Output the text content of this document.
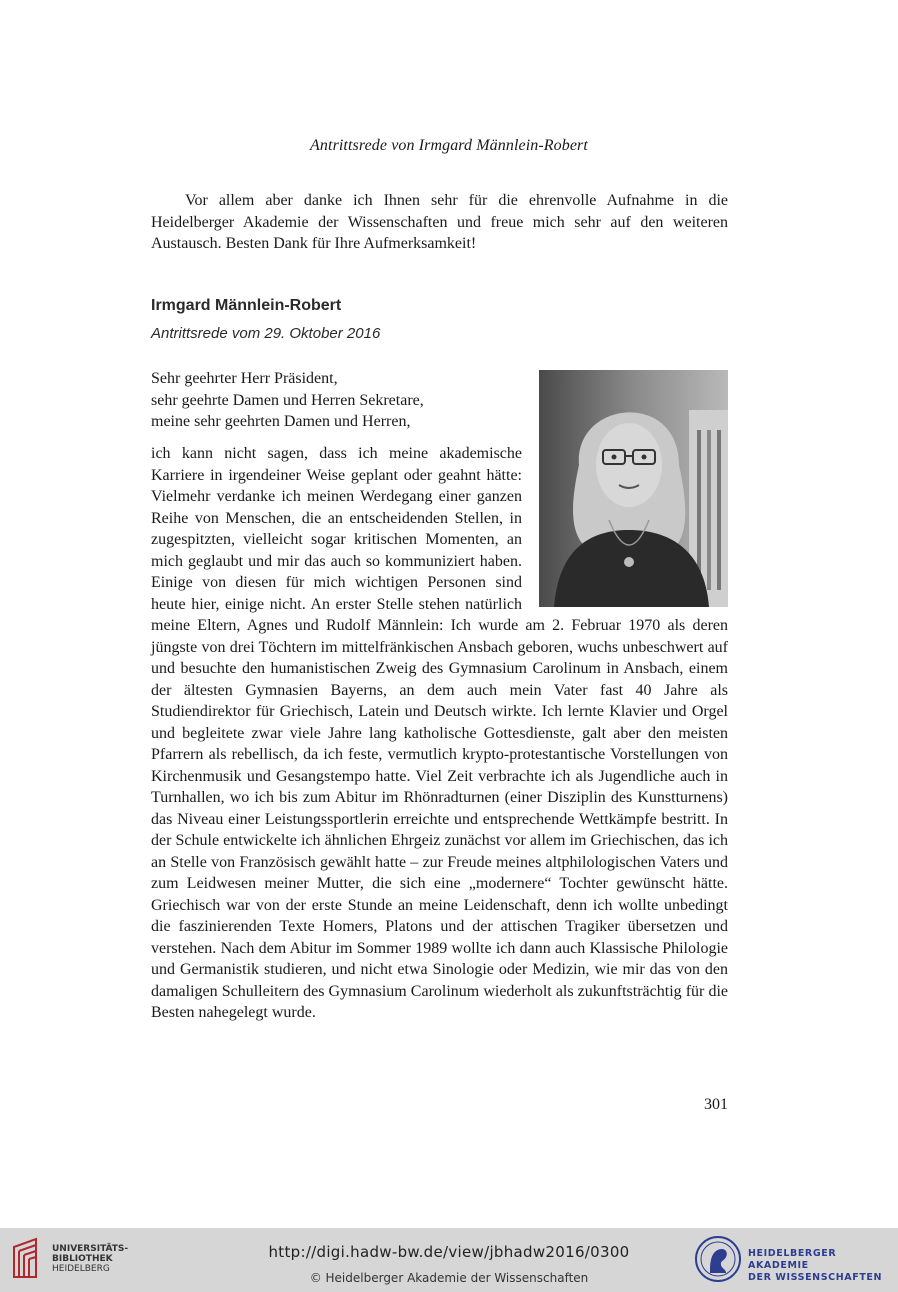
Antrittsrede von Irmgard Männlein-Robert

Vor allem aber danke ich Ihnen sehr für die ehrenvolle Aufnahme in die Heidelberger Akademie der Wissenschaften und freue mich sehr auf den weiteren Austausch. Besten Dank für Ihre Aufmerksamkeit!

Irmgard Männlein-Robert
Antrittsrede vom 29. Oktober 2016
Sehr geehrter Herr Präsident,
sehr geehrte Damen und Herren Sekretare,
meine sehr geehrten Damen und Herren,
ich kann nicht sagen, dass ich meine akademische Karriere in irgendeiner Weise geplant oder geahnt hätte: Vielmehr verdanke ich meinen Werdegang einer ganzen Reihe von Menschen, die an entscheidenden Stellen, in zugespitzten, vielleicht sogar kritischen Momenten, an mich geglaubt und mir das auch so kommuniziert haben. Einige von diesen für mich wichtigen Personen sind heute hier, einige nicht. An erster Stelle stehen natürlich meine Eltern, Agnes und Rudolf Männlein: Ich wurde am 2. Februar 1970 als deren jüngste von drei Töchtern im mittelfränkischen Ansbach geboren, wuchs unbeschwert auf und besuchte den humanistischen Zweig des Gymnasium Carolinum in Ansbach, einem der ältesten Gymnasien Bayerns, an dem auch mein Vater fast 40 Jahre als Studiendirektor für Griechisch, Latein und Deutsch wirkte. Ich lernte Klavier und Orgel und begleitete zwar viele Jahre lang katholische Gottesdienste, galt aber den meisten Pfarrern als rebellisch, da ich feste, vermutlich krypto-protestantische Vorstellungen von Kirchenmusik und Gesangstempo hatte. Viel Zeit verbrachte ich als Jugendliche auch in Turnhallen, wo ich bis zum Abitur im Rhönradturnen (einer Disziplin des Kunstturnens) das Niveau einer Leistungssportlerin erreichte und entsprechende Wettkämpfe bestritt. In der Schule entwickelte ich ähnlichen Ehrgeiz zunächst vor allem im Griechischen, das ich an Stelle von Französisch gewählt hatte – zur Freude meines altphilologischen Vaters und zum Leidwesen meiner Mutter, die sich eine „modernere“ Tochter gewünscht hätte. Griechisch war von der erste Stunde an meine Leidenschaft, denn ich wollte unbedingt die faszinierenden Texte Homers, Platons und der attischen Tragiker übersetzen und verstehen. Nach dem Abitur im Sommer 1989 wollte ich dann auch Klassische Philologie und Germanistik studieren, und nicht etwa Sinologie oder Medizin, wie mir das von den damaligen Schulleitern des Gymnasium Carolinum wiederholt als zukunftsträchtig für die Besten nahegelegt wurde.
301
UNIVERSITÄTS-
BIBLIOTHEK
HEIDELBERG
http://digi.hadw-bw.de/view/jbhadw2016/0300
© Heidelberger Akademie der Wissenschaften
HEIDELBERGER AKADEMIE
DER WISSENSCHAFTEN
